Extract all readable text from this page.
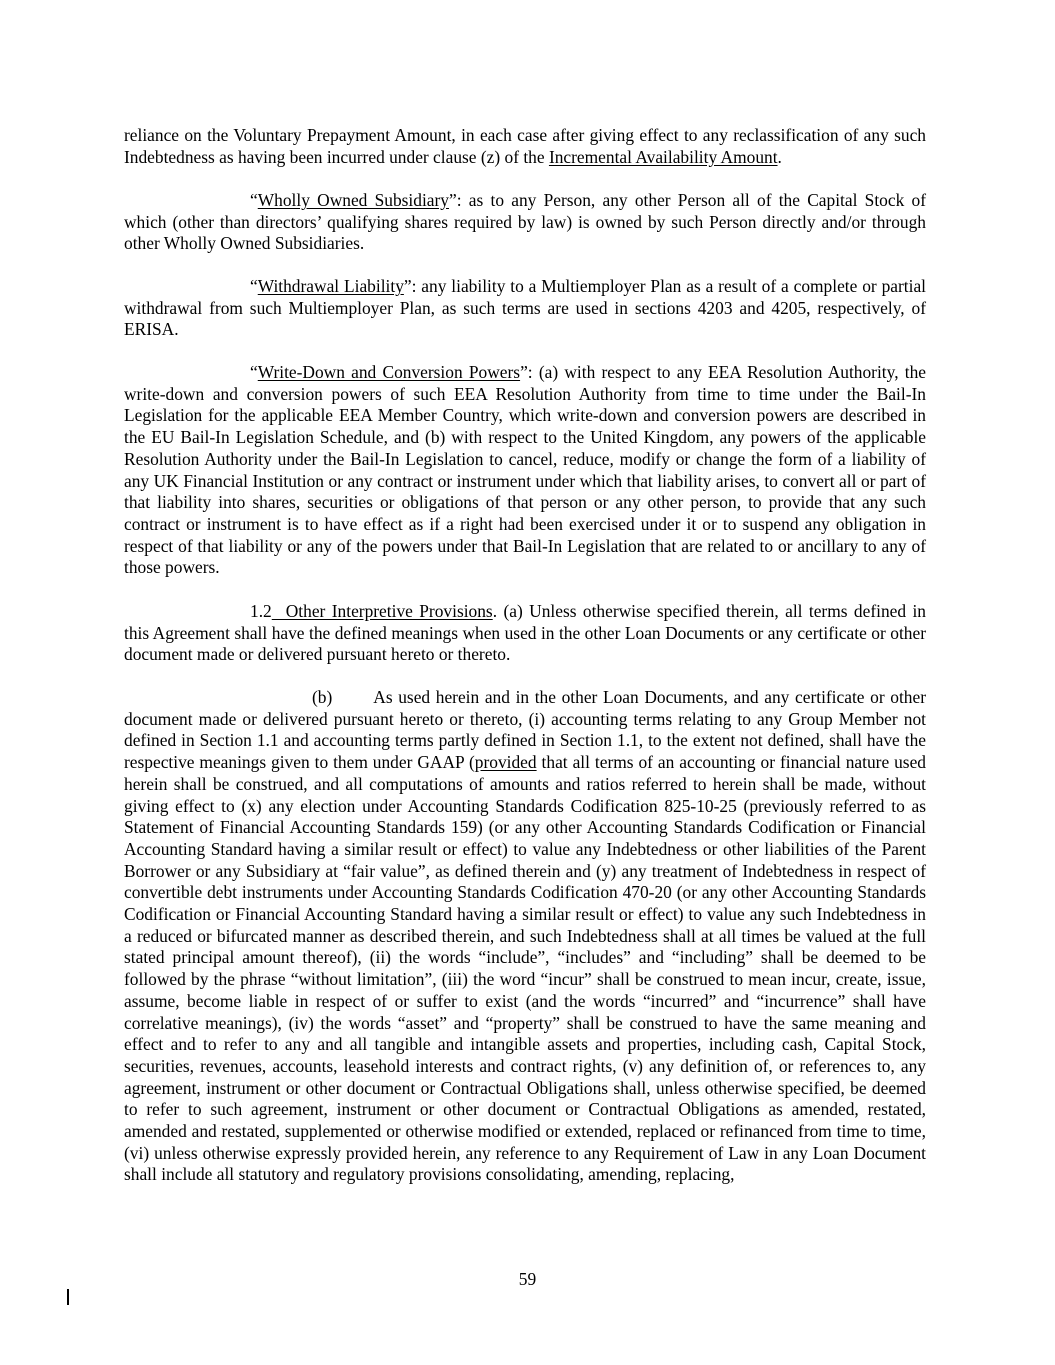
reliance on the Voluntary Prepayment Amount, in each case after giving effect to any reclassification of any such Indebtedness as having been incurred under clause (z) of the Incremental Availability Amount.

“Wholly Owned Subsidiary”: as to any Person, any other Person all of the Capital Stock of which (other than directors’ qualifying shares required by law) is owned by such Person directly and/or through other Wholly Owned Subsidiaries.

“Withdrawal Liability”: any liability to a Multiemployer Plan as a result of a complete or partial withdrawal from such Multiemployer Plan, as such terms are used in sections 4203 and 4205, respectively, of ERISA.

“Write-Down and Conversion Powers”: (a) with respect to any EEA Resolution Authority, the write-down and conversion powers of such EEA Resolution Authority from time to time under the Bail-In Legislation for the applicable EEA Member Country, which write-down and conversion powers are described in the EU Bail-In Legislation Schedule, and (b) with respect to the United Kingdom, any powers of the applicable Resolution Authority under the Bail-In Legislation to cancel, reduce, modify or change the form of a liability of any UK Financial Institution or any contract or instrument under which that liability arises, to convert all or part of that liability into shares, securities or obligations of that person or any other person, to provide that any such contract or instrument is to have effect as if a right had been exercised under it or to suspend any obligation in respect of that liability or any of the powers under that Bail-In Legislation that are related to or ancillary to any of those powers.

1.2 Other Interpretive Provisions. (a) Unless otherwise specified therein, all terms defined in this Agreement shall have the defined meanings when used in the other Loan Documents or any certificate or other document made or delivered pursuant hereto or thereto.

(b) As used herein and in the other Loan Documents, and any certificate or other document made or delivered pursuant hereto or thereto, (i) accounting terms relating to any Group Member not defined in Section 1.1 and accounting terms partly defined in Section 1.1, to the extent not defined, shall have the respective meanings given to them under GAAP (provided that all terms of an accounting or financial nature used herein shall be construed, and all computations of amounts and ratios referred to herein shall be made, without giving effect to (x) any election under Accounting Standards Codification 825-10-25 (previously referred to as Statement of Financial Accounting Standards 159) (or any other Accounting Standards Codification or Financial Accounting Standard having a similar result or effect) to value any Indebtedness or other liabilities of the Parent Borrower or any Subsidiary at “fair value”, as defined therein and (y) any treatment of Indebtedness in respect of convertible debt instruments under Accounting Standards Codification 470-20 (or any other Accounting Standards Codification or Financial Accounting Standard having a similar result or effect) to value any such Indebtedness in a reduced or bifurcated manner as described therein, and such Indebtedness shall at all times be valued at the full stated principal amount thereof), (ii) the words “include”, “includes” and “including” shall be deemed to be followed by the phrase “without limitation”, (iii) the word “incur” shall be construed to mean incur, create, issue, assume, become liable in respect of or suffer to exist (and the words “incurred” and “incurrence” shall have correlative meanings), (iv) the words “asset” and “property” shall be construed to have the same meaning and effect and to refer to any and all tangible and intangible assets and properties, including cash, Capital Stock, securities, revenues, accounts, leasehold interests and contract rights, (v) any definition of, or references to, any agreement, instrument or other document or Contractual Obligations shall, unless otherwise specified, be deemed to refer to such agreement, instrument or other document or Contractual Obligations as amended, restated, amended and restated, supplemented or otherwise modified or extended, replaced or refinanced from time to time, (vi) unless otherwise expressly provided herein, any reference to any Requirement of Law in any Loan Document shall include all statutory and regulatory provisions consolidating, amending, replacing,

59
